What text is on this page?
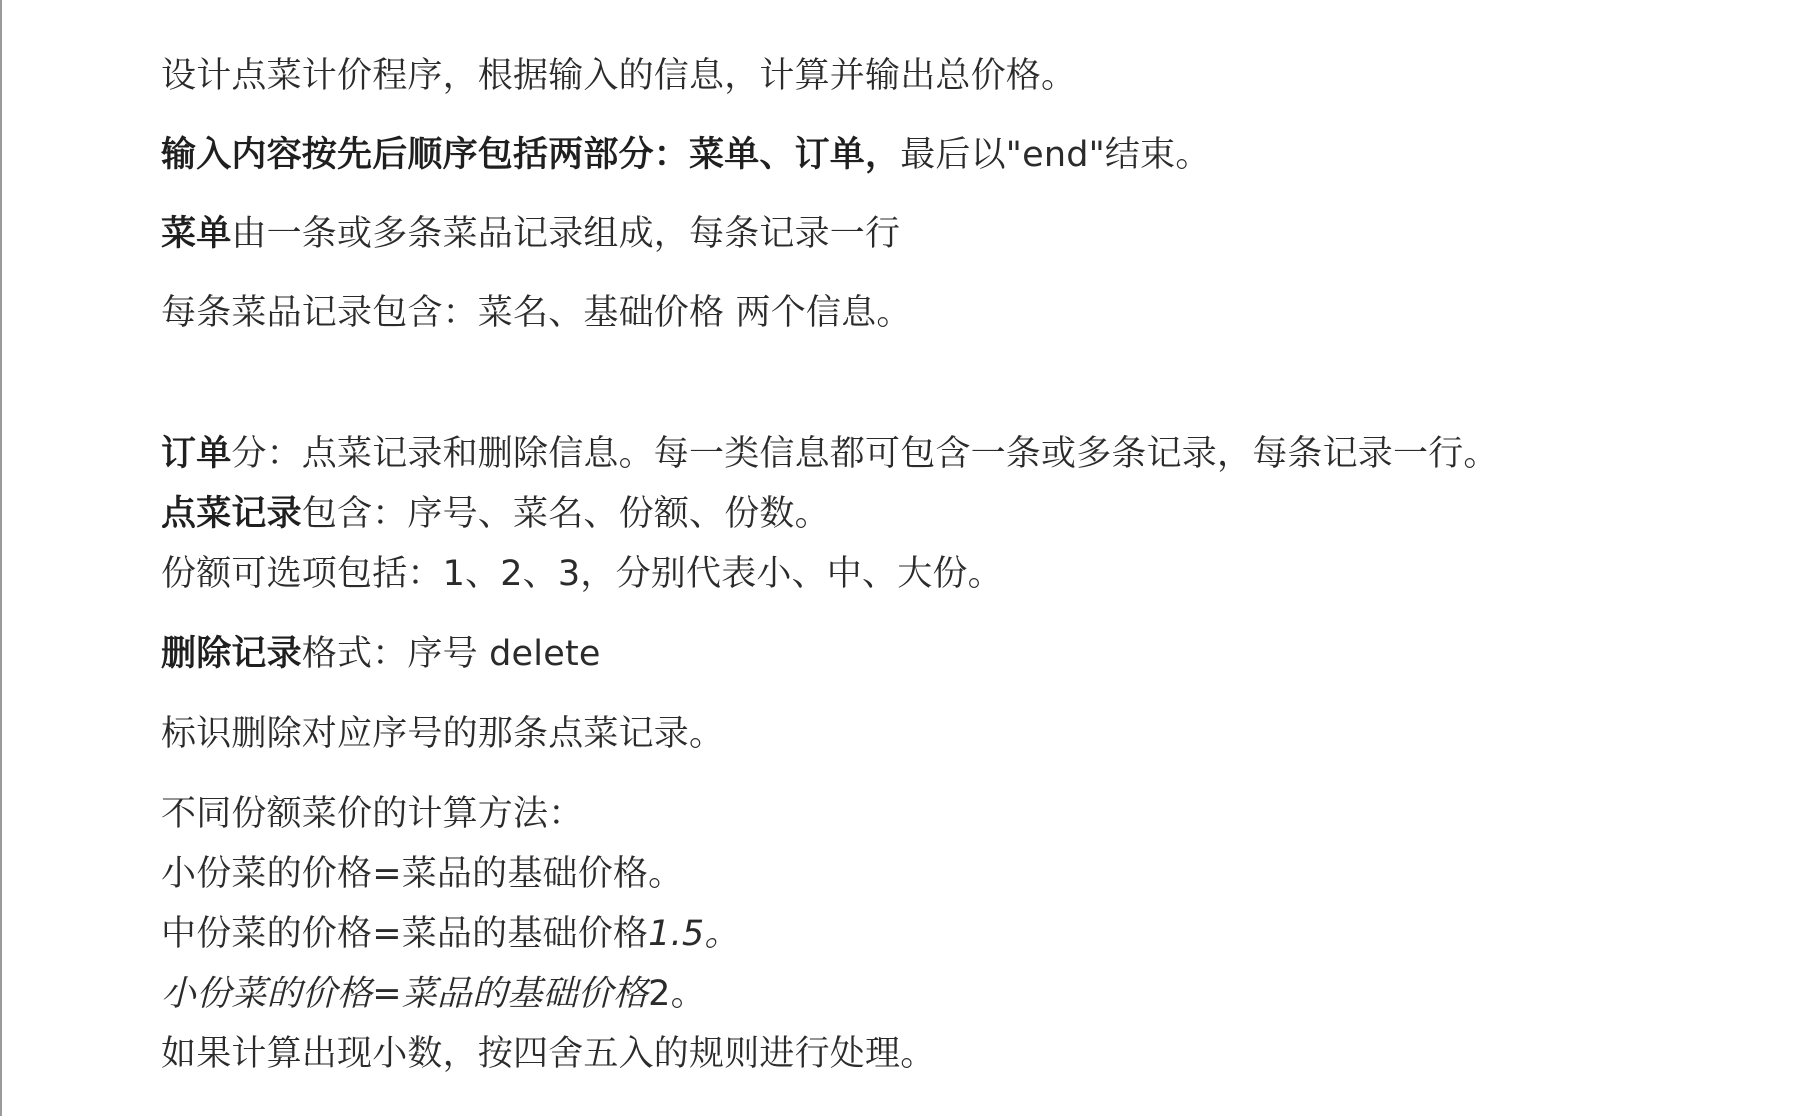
设计点菜计价程序，根据输入的信息，计算并输出总价格。

输入内容按先后顺序包括两部分：菜单、订单，最后以"end"结束。

菜单由一条或多条菜品记录组成，每条记录一行

每条菜品记录包含：菜名、基础价格 两个信息。

订单分：点菜记录和删除信息。每一类信息都可包含一条或多条记录，每条记录一行。

点菜记录包含：序号、菜名、份额、份数。

份额可选项包括：1、2、3，分别代表小、中、大份。

删除记录格式：序号 delete

标识删除对应序号的那条点菜记录。

不同份额菜价的计算方法：

小份菜的价格=菜品的基础价格。

中份菜的价格=菜品的基础价格1.5。

小份菜的价格=菜品的基础价格2。

如果计算出现小数，按四舍五入的规则进行处理。
